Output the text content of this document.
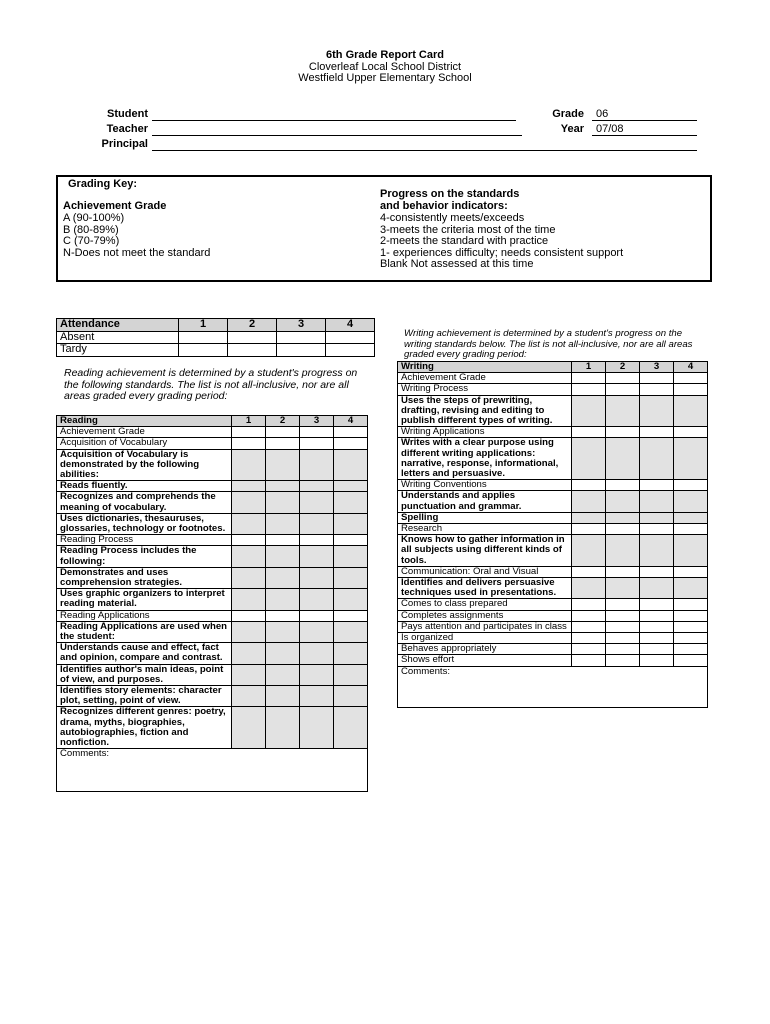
6th Grade Report Card
Cloverleaf Local School District
Westfield Upper Elementary School
Student
Teacher
Principal
Grade 06
Year 07/08
Grading Key:
Achievement Grade
A (90-100%)
B (80-89%)
C (70-79%)
N-Does not meet the standard
Progress on the standards
and behavior indicators:
4-consistently meets/exceeds
3-meets the criteria most of the time
2-meets the standard with practice
1- experiences difficulty; needs consistent support
Blank Not assessed at this time
Attendance	1	2	3	4
Absent				
Tardy				
Reading achievement is determined by a student's progress on the following standards. The list is not all-inclusive, nor are all areas graded every grading period:
Reading	1	2	3	4
Achievement Grade				
Acquisition of Vocabulary				
Acquisition of Vocabulary is demonstrated by the following abilities:				
Reads fluently.				
Recognizes and comprehends the meaning of vocabulary.				
Uses dictionaries, thesauruses, glossaries, technology or footnotes.				
Reading Process				
Reading Process includes the following:				
Demonstrates and uses comprehension strategies.				
Uses graphic organizers to interpret reading material.				
Reading Applications				
Reading Applications are used when the student:				
Understands cause and effect, fact and opinion, compare and contrast.				
Identifies author's main ideas, point of view, and purposes.				
Identifies story elements: character plot, setting, point of view.				
Recognizes different genres: poetry, drama, myths, biographies, autobiographies, fiction and nonfiction.				
Comments:				
Writing achievement is determined by a student's progress on the writing standards below. The list is not all-inclusive, nor are all areas graded every grading period:
Writing	1	2	3	4
Achievement Grade				
Writing Process				
Uses the steps of prewriting, drafting, revising and editing to publish different types of writing.				
Writing Applications				
Writes with a clear purpose using different writing applications: narrative, response, informational, letters and persuasive.				
Writing Conventions				
Understands and applies punctuation and grammar.				
Spelling				
Research				
Knows how to gather information in all subjects using different kinds of tools.				
Communication: Oral and Visual				
Identifies and delivers persuasive techniques used in presentations.				
Comes to class prepared				
Completes assignments				
Pays attention and participates in class				
Is organized				
Behaves appropriately				
Shows effort				
Comments:				
